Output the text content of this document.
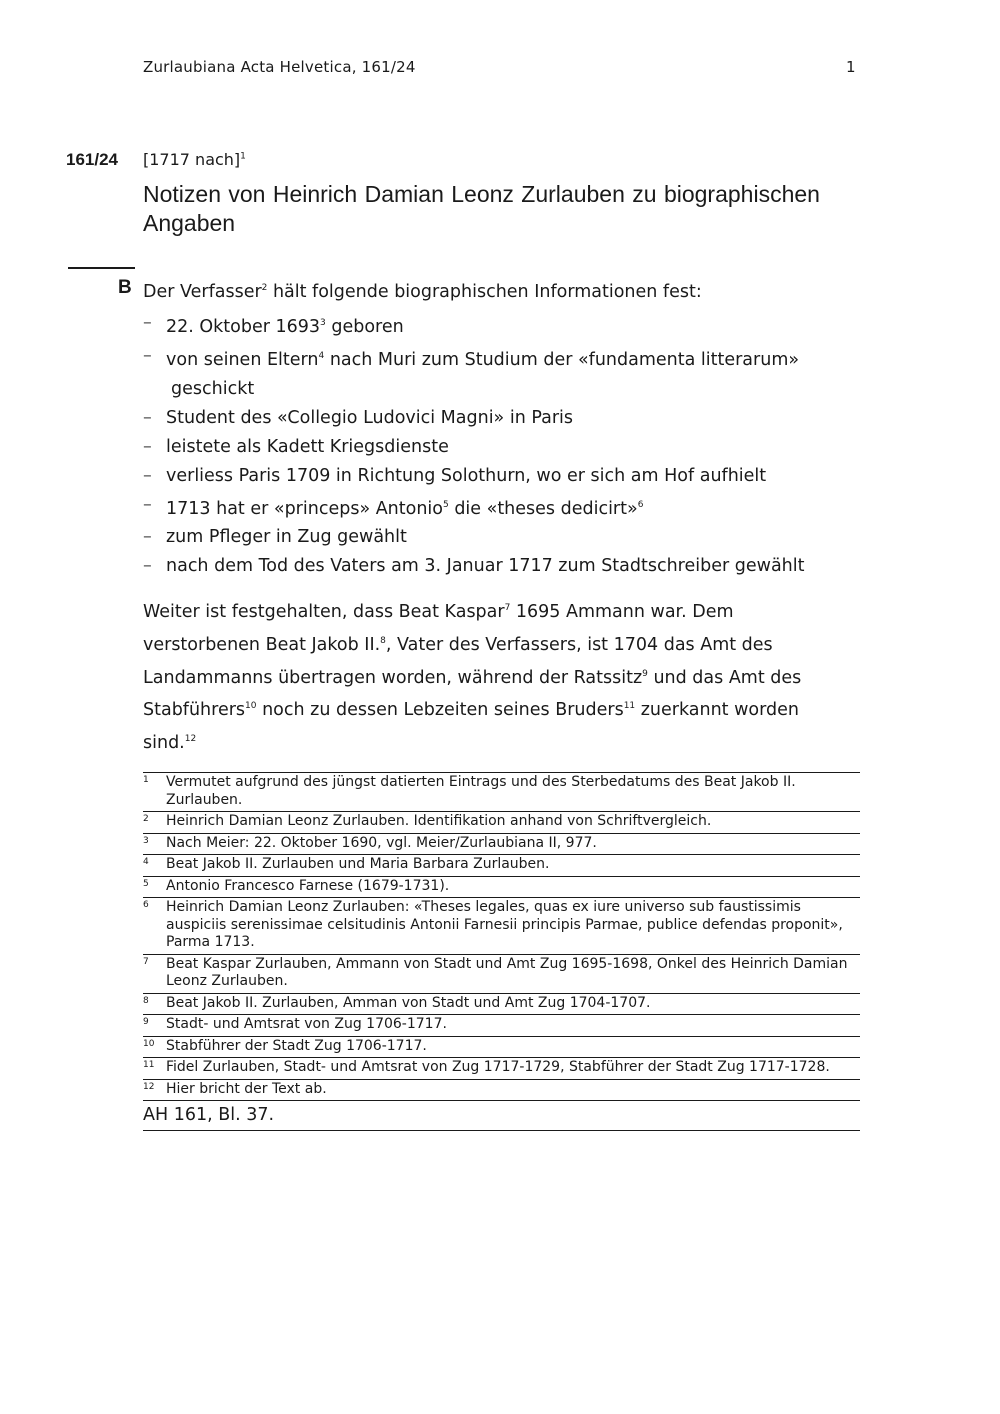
Zurlaubiana Acta Helvetica, 161/24	1
161/24 [1717 nach]$^1$
Notizen von Heinrich Damian Leonz Zurlauben zu biographischen Angaben
B Der Verfasser$^2$ hält folgende biographischen Informationen fest:
– 22. Oktober 1693$^3$ geboren
– von seinen Eltern$^4$ nach Muri zum Studium der «fundamenta litterarum»
geschickt
– Student des «Collegio Ludovici Magni» in Paris
– leistete als Kadett Kriegsdienste
– verliess Paris 1709 in Richtung Solothurn, wo er sich am Hof aufhielt
– 1713 hat er «princeps» Antonio$^5$ die «theses dedicirt»$^6$
– zum Pfleger in Zug gewählt
– nach dem Tod des Vaters am 3. Januar 1717 zum Stadtschreiber gewählt
Weiter ist festgehalten, dass Beat Kaspar$^7$ 1695 Ammann war. Dem verstorbenen Beat Jakob II.$^8$, Vater des Verfassers, ist 1704 das Amt des Landammanns übertragen worden, während der Ratssitz$^9$ und das Amt des Stabführers$^{10}$ noch zu dessen Lebzeiten seines Bruders$^{11}$ zuerkannt worden sind.$^{12}$
1	Vermutet aufgrund des jüngst datierten Eintrags und des Sterbedatums des Beat Jakob II. Zurlauben.
2	Heinrich Damian Leonz Zurlauben. Identifikation anhand von Schriftvergleich.
3	Nach Meier: 22. Oktober 1690, vgl. Meier/Zurlaubiana II, 977.
4	Beat Jakob II. Zurlauben und Maria Barbara Zurlauben.
5	Antonio Francesco Farnese (1679-1731).
6	Heinrich Damian Leonz Zurlauben: «Theses legales, quas ex iure universo sub faustissimis auspiciis serenissimae celsitudinis Antonii Farnesii principis Parmae, publice defendas proponit», Parma 1713.
7	Beat Kaspar Zurlauben, Ammann von Stadt und Amt Zug 1695-1698, Onkel des Heinrich Damian Leonz Zurlauben.
8	Beat Jakob II. Zurlauben, Amman von Stadt und Amt Zug 1704-1707.
9	Stadt- und Amtsrat von Zug 1706-1717.
10 Stabführer der Stadt Zug 1706-1717.
11 Fidel Zurlauben, Stadt- und Amtsrat von Zug 1717-1729, Stabführer der Stadt Zug 1717-1728.
12 Hier bricht der Text ab.
AH 161, Bl. 37.
